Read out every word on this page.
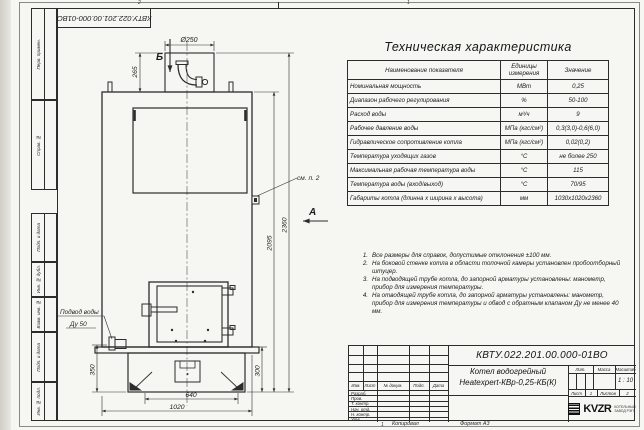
2	1
1
КВТУ.022.201.00.000-01ВО
Перв. примен.
Справ. №
Подп. и дата
Инв. № дубл.
Взам. инв. №
Подп. и дата
Инв. № подл.
Б
см. п. 2
А
Подвод воды
Ду 50
Ø250
265
2360
2095
300
350
640
1020
Техническая характеристика
Наименование показателя	Единицы измерения	Значение
Номинальная мощность	МВт	0,25
Диапазон рабочего регулирования	%	50-100
Расход воды	м³/ч	9
Рабочее давление воды	МПа (кгс/см²)	0,3(3,0)-0,6(6,0)
Гидравлическое сопротивление котла	МПа (кгс/см²)	0,02(0,2)
Температура уходящих газов	°С	не более 250
Максимальная рабочая температура воды	°С	115
Температура воды (вход/выход)	°С	70/95
Габариты котла (длинна x ширина x высота)	мм	1030x1020x2360
1. Все размеры для справок, допустимые отклонения ±100 мм.
2. На боковой стенке котла в области топочной камеры установлен пробоотборный штуцер.
3. На подводящей трубе котла, до запорной арматуры установлены: манометр, прибор для измерения температуры.
4. На отводящей трубе котла, до запорной арматуры установлены: манометр, прибор для измерения температуры и обвод с обратным клапаном Ду не менее 40 мм.
Изм. Лист	№ докум.	Подп.	Дата
Разраб.
Пров.
Т. контр.
Нач. отд.
Н. контр.
Утв.
КВТУ.022.201.00.000-01ВО
Котел водогрейный
Heatexpert-КВр-0,25-КБ(К)
Лит.	Масса	Масштаб
1 : 10
Лист	1	Листов	2
KVZR КОТЕЛЬНЫЙ
ЗАВОД РЭП
Копировал	Формат А3
